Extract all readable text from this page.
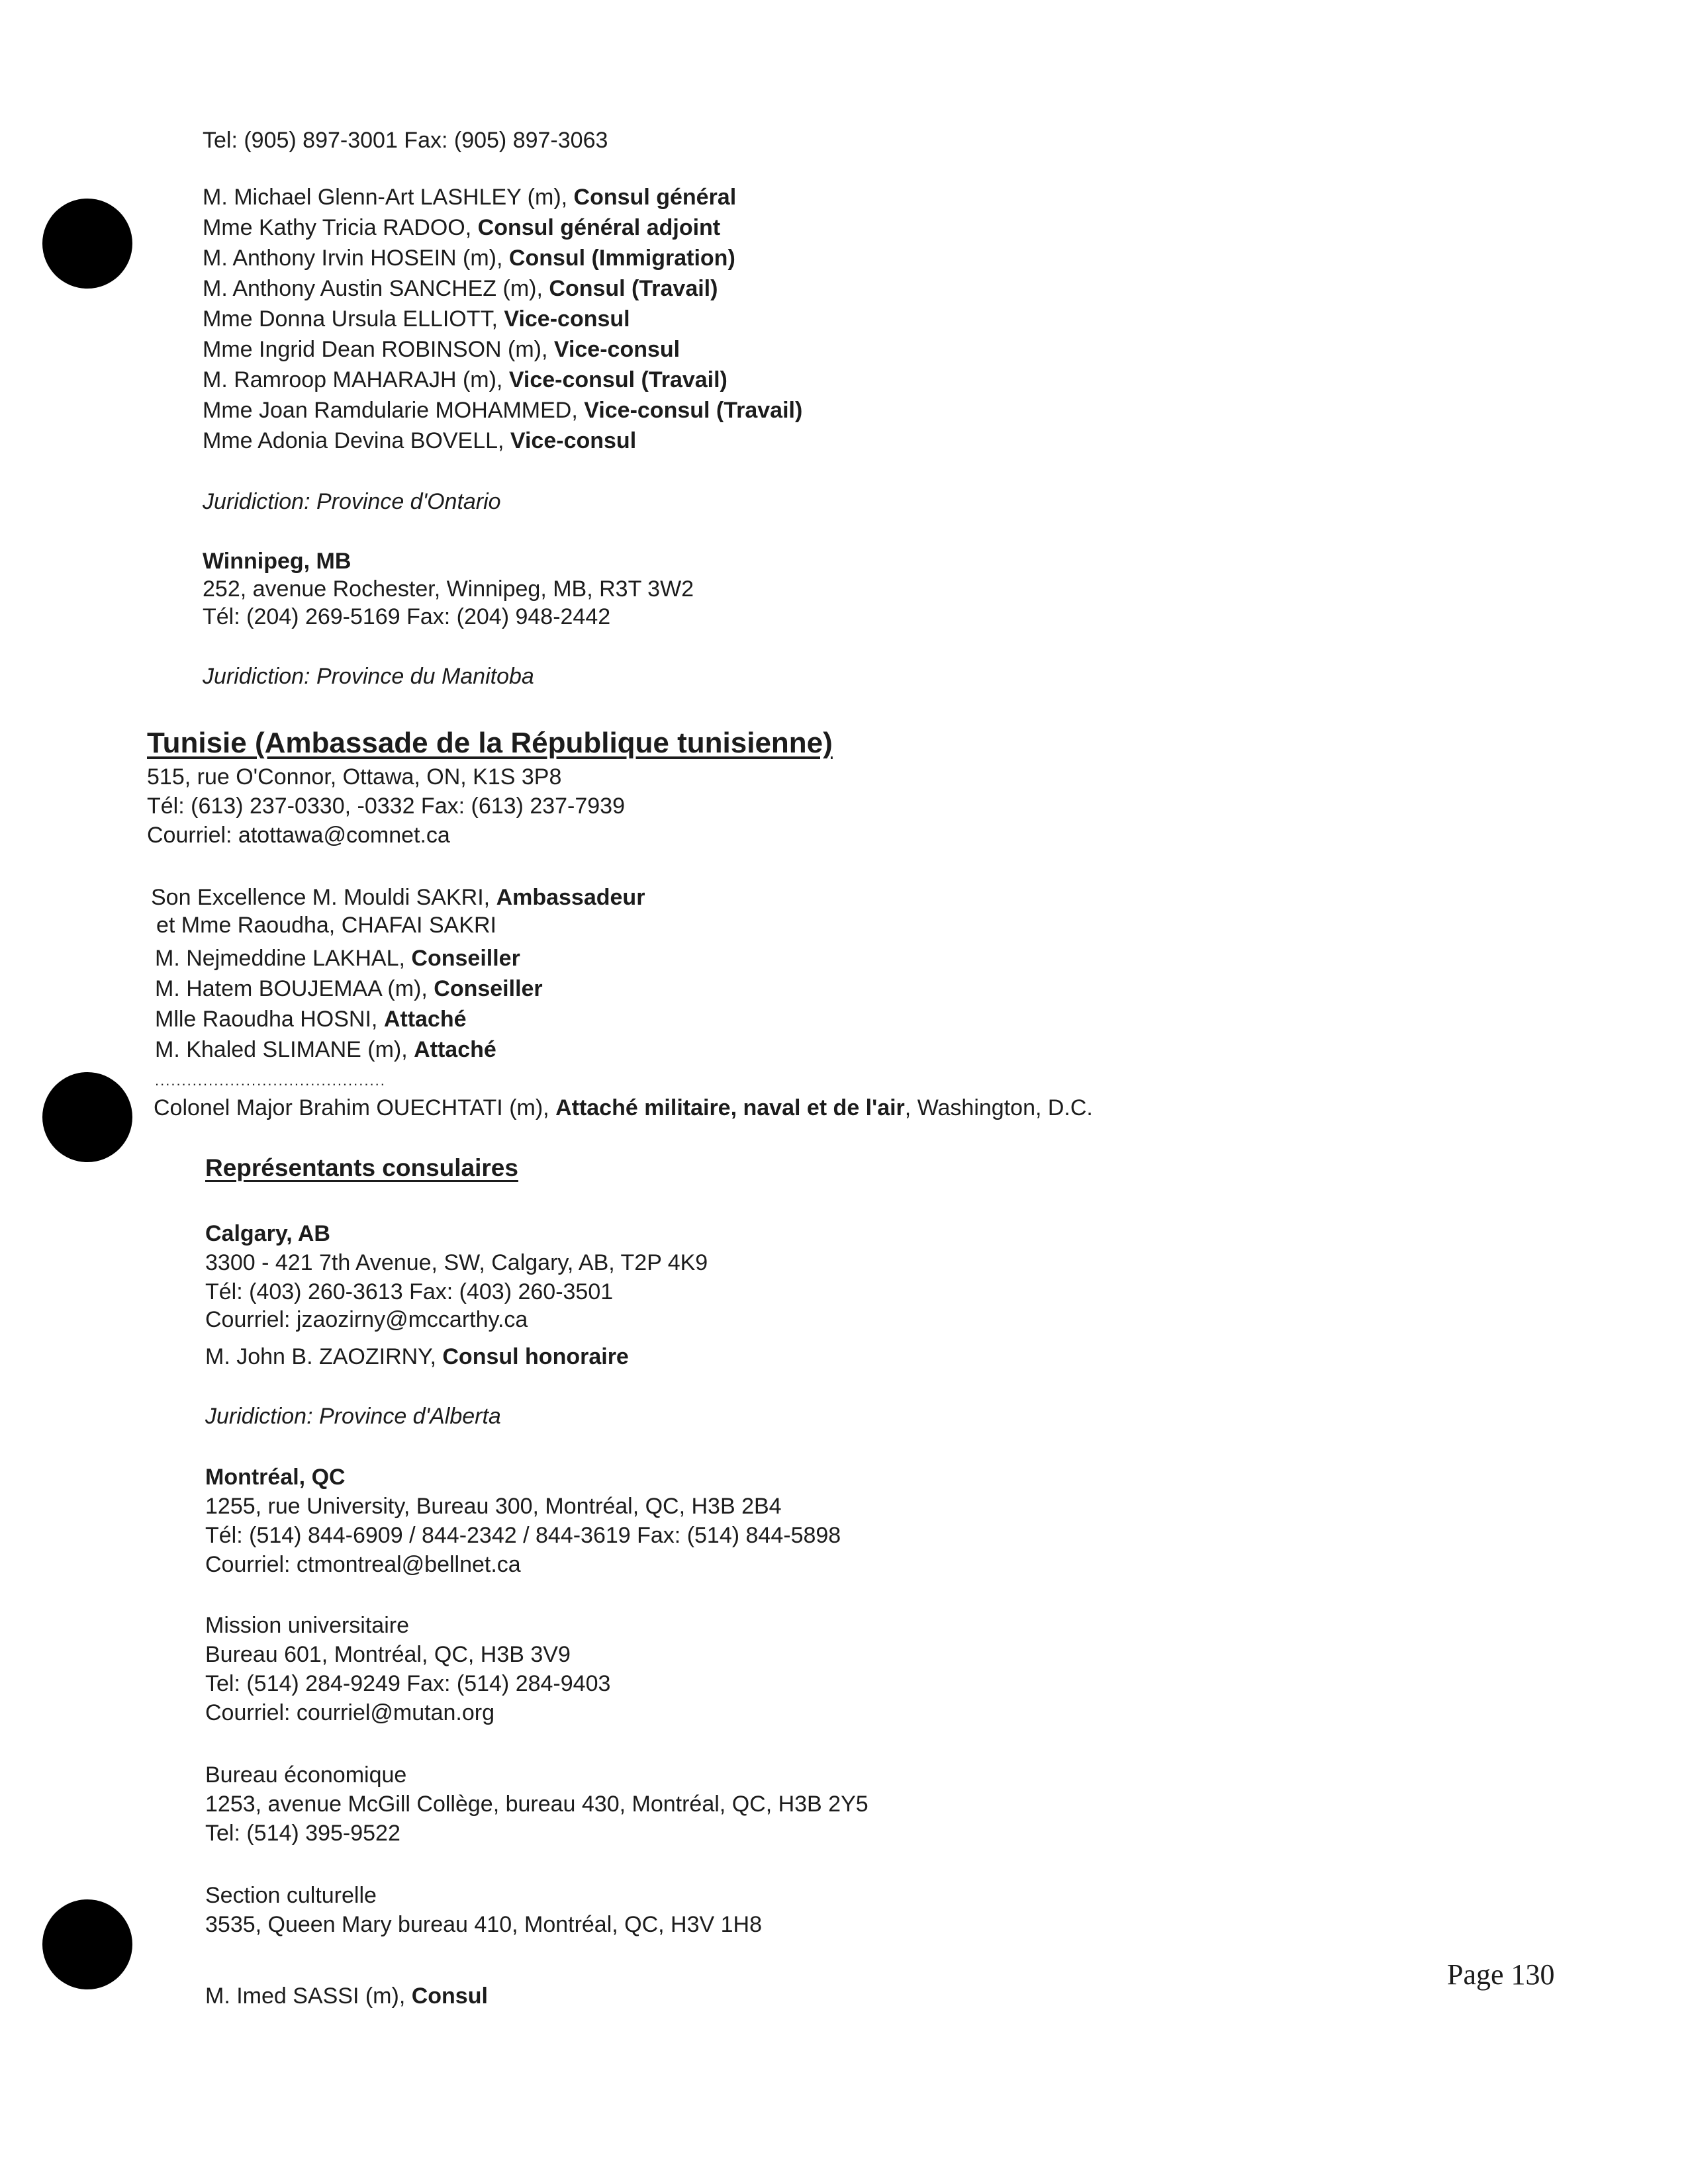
Tel: (905) 897-3001 Fax: (905) 897-3063
M. Michael Glenn-Art LASHLEY (m), Consul général
Mme Kathy Tricia RADOO, Consul général adjoint
M. Anthony Irvin HOSEIN (m), Consul (Immigration)
M. Anthony Austin SANCHEZ (m), Consul (Travail)
Mme Donna Ursula ELLIOTT, Vice-consul
Mme Ingrid Dean ROBINSON (m), Vice-consul
M. Ramroop MAHARAJH (m), Vice-consul (Travail)
Mme Joan Ramdularie MOHAMMED, Vice-consul (Travail)
Mme Adonia Devina BOVELL, Vice-consul
Juridiction: Province d'Ontario
Winnipeg, MB
252, avenue Rochester, Winnipeg, MB, R3T 3W2
Tél: (204) 269-5169 Fax: (204) 948-2442
Juridiction: Province du Manitoba
Tunisie (Ambassade de la République tunisienne)
515, rue O'Connor, Ottawa, ON, K1S 3P8
Tél: (613) 237-0330, -0332 Fax: (613) 237-7939
Courriel: atottawa@comnet.ca
Son Excellence M. Mouldi SAKRI, Ambassadeur
et Mme Raoudha, CHAFAI SAKRI
M. Nejmeddine LAKHAL, Conseiller
M. Hatem BOUJEMAA (m), Conseiller
Mlle Raoudha HOSNI, Attaché
M. Khaled SLIMANE (m), Attaché
...........................................
Colonel Major Brahim OUECHTATI (m), Attaché militaire, naval et de l'air, Washington, D.C.
Représentants consulaires
Calgary, AB
3300 - 421 7th Avenue, SW, Calgary, AB, T2P 4K9
Tél: (403) 260-3613 Fax: (403) 260-3501
Courriel: jzaozirny@mccarthy.ca
M. John B. ZAOZIRNY, Consul honoraire
Juridiction: Province d'Alberta
Montréal, QC
1255, rue University, Bureau 300, Montréal, QC, H3B 2B4
Tél: (514) 844-6909 / 844-2342 / 844-3619 Fax: (514) 844-5898
Courriel: ctmontreal@bellnet.ca
Mission universitaire
Bureau 601, Montréal, QC, H3B 3V9
Tel: (514) 284-9249 Fax: (514) 284-9403
Courriel: courriel@mutan.org
Bureau économique
1253, avenue McGill Collège, bureau 430, Montréal, QC, H3B 2Y5
Tel: (514) 395-9522
Section culturelle
3535, Queen Mary bureau 410, Montréal, QC, H3V 1H8
M. Imed SASSI (m), Consul
Page 130
